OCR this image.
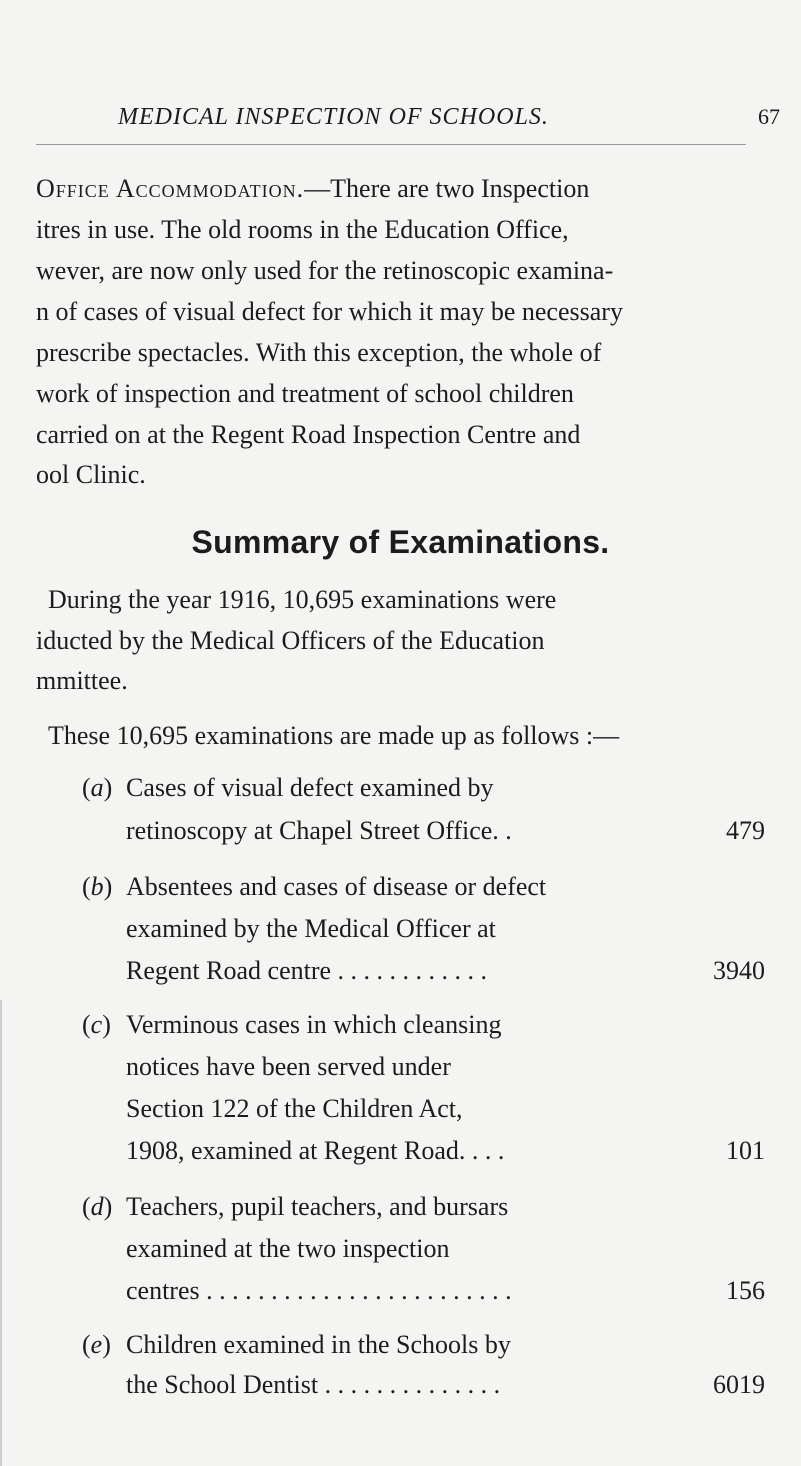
MEDICAL INSPECTION OF SCHOOLS.	67
Office Accommodation.—There are two Inspection
itres in use. The old rooms in the Education Office,
wever, are now only used for the retinoscopic examina-
n of cases of visual defect for which it may be necessary
prescribe spectacles. With this exception, the whole of
work of inspection and treatment of school children
carried on at the Regent Road Inspection Centre and
ool Clinic.
Summary of Examinations.
During the year 1916, 10,695 examinations were
iducted by the Medical Officers of the Education
mmittee.
These 10,695 examinations are made up as follows :—
(a) Cases of visual defect examined by
retinoscopy at Chapel Street Office. .	479
(b) Absentees and cases of disease or defect
examined by the Medical Officer at
Regent Road centre . . . . . . . . . . . .	3940
(c) Verminous cases in which cleansing
notices have been served under
Section 122 of the Children Act,
1908, examined at Regent Road. . . .	101
(d) Teachers, pupil teachers, and bursars
examined at the two inspection
centres . . . . . . . . . . . . . . . . . . . . . . . .	156
(e) Children examined in the Schools by
the School Dentist . . . . . . . . . . . . . .	6019
